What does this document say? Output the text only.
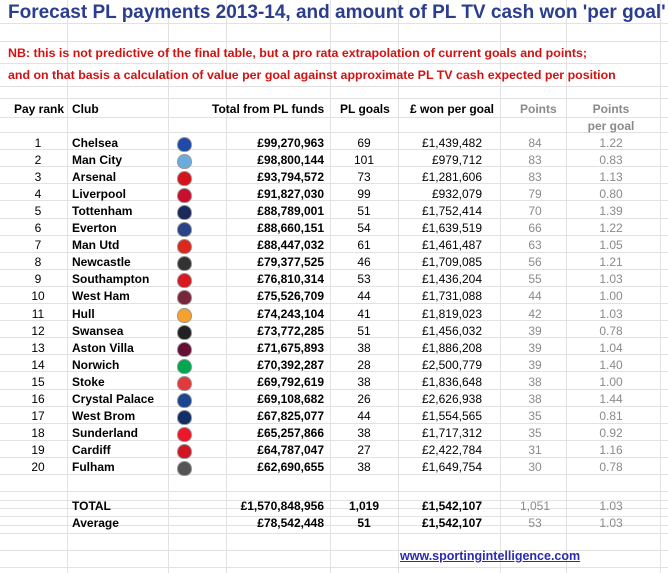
Forecast PL payments 2013-14, and amount of PL TV cash won 'per goal'
NB: this is not predictive of the final table, but a pro rata extrapolation of current goals and points;
and on that basis a calculation of value per goal against approximate PL TV cash expected per position
Pay rank Club	Total from PL funds PL goals £ won per goal Points	Points
per goal
1	Chelsea	£99,270,963	69	£1,439,482	84	1.22
2	Man City	£98,800,144 101	£979,712	83	0.83
3	Arsenal	£93,794,572	73	£1,281,606	83	1.13
4	Liverpool	£91,827,030	99	£932,079	79	0.80
5	Tottenham	£88,789,001	51	£1,752,414	70	1.39
6	Everton	£88,660,151	54	£1,639,519	66	1.22
7	Man Utd	£88,447,032	61	£1,461,487	63	1.05
8	Newcastle	£79,377,525	46	£1,709,085	56	1.21
9	Southampton	£76,810,314	53	£1,436,204	55	1.03
10 West Ham	£75,526,709	44	£1,731,088	44	1.00
11 Hull	£74,243,104	41	£1,819,023	42	1.03
12 Swansea	£73,772,285	51	£1,456,032	39	0.78
13 Aston Villa	£71,675,893	38	£1,886,208	39	1.04
14 Norwich	£70,392,287	28	£2,500,779	39	1.40
15 Stoke	£69,792,619	38	£1,836,648	38	1.00
16 Crystal Palace	£69,108,682	26	£2,626,938	38	1.44
17 West Brom	£67,825,077	44	£1,554,565	35	0.81
18 Sunderland	£65,257,866	38	£1,717,312	35	0.92
19 Cardiff	£64,787,047	27	£2,422,784	31	1.16
20 Fulham	£62,690,655	38	£1,649,754	30	0.78
TOTAL	£1,570,848,956 1,019	£1,542,107	1,051	1.03
Average	£78,542,448	51	£1,542,107	53	1.03
www.sportingintelligence.com
